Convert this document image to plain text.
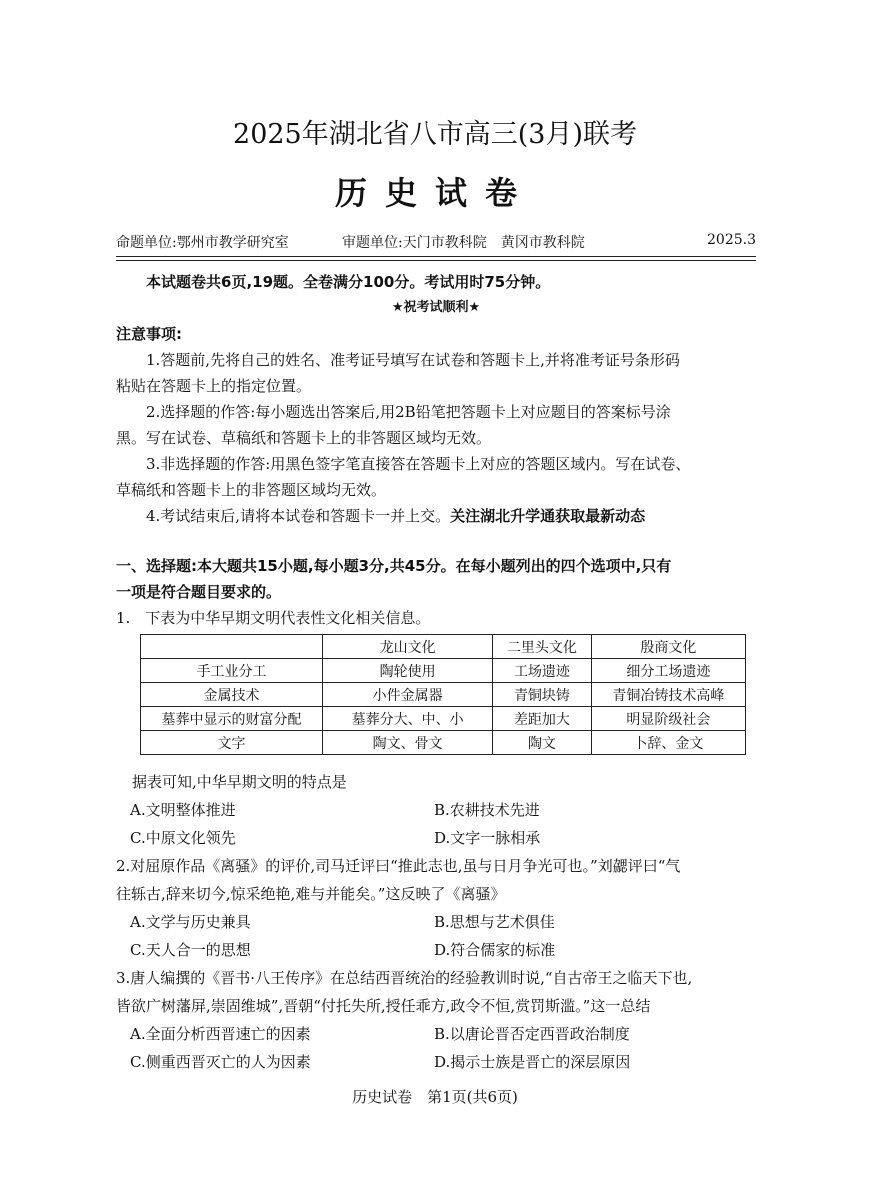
2025年湖北省八市高三(3月)联考
历史试卷
命题单位:鄂州市教学研究室	审题单位:天门市教科院　黄冈市教科院	2025.3
本试题卷共6页,19题。全卷满分100分。考试用时75分钟。
★祝考试顺利★
注意事项:
1.答题前,先将自己的姓名、准考证号填写在试卷和答题卡上,并将准考证号条形码
粘贴在答题卡上的指定位置。
2.选择题的作答:每小题选出答案后,用2B铅笔把答题卡上对应题目的答案标号涂
黑。写在试卷、草稿纸和答题卡上的非答题区域均无效。
3.非选择题的作答:用黑色签字笔直接答在答题卡上对应的答题区域内。写在试卷、
草稿纸和答题卡上的非答题区域均无效。
4.考试结束后,请将本试卷和答题卡一并上交。关注湖北升学通获取最新动态
一、选择题:本大题共15小题,每小题3分,共45分。在每小题列出的四个选项中,只有
一项是符合题目要求的。
1.　下表为中华早期文明代表性文化相关信息。
	龙山文化	二里头文化	殷商文化
手工业分工	陶轮使用	工场遗迹	细分工场遗迹
金属技术	小件金属器	青铜块铸	青铜冶铸技术高峰
墓葬中显示的财富分配	墓葬分大、中、小	差距加大	明显阶级社会
文字	陶文、骨文	陶文	卜辞、金文
据表可知,中华早期文明的特点是
A.文明整体推进	B.农耕技术先进
C.中原文化领先	D.文字一脉相承
2.对屈原作品《离骚》的评价,司马迁评曰“推此志也,虽与日月争光可也。”刘勰评曰“气
往轹古,辞来切今,惊采绝艳,难与并能矣。”这反映了《离骚》
A.文学与历史兼具	B.思想与艺术俱佳
C.天人合一的思想	D.符合儒家的标准
3.唐人编撰的《晋书·八王传序》在总结西晋统治的经验教训时说,“自古帝王之临天下也,
皆欲广树藩屏,崇固维城”,晋朝“付托失所,授任乖方,政令不恒,赏罚斯滥。”这一总结
A.全面分析西晋速亡的因素	B.以唐论晋否定西晋政治制度
C.侧重西晋灭亡的人为因素	D.揭示士族是晋亡的深层原因
历史试卷　第1页(共6页)
